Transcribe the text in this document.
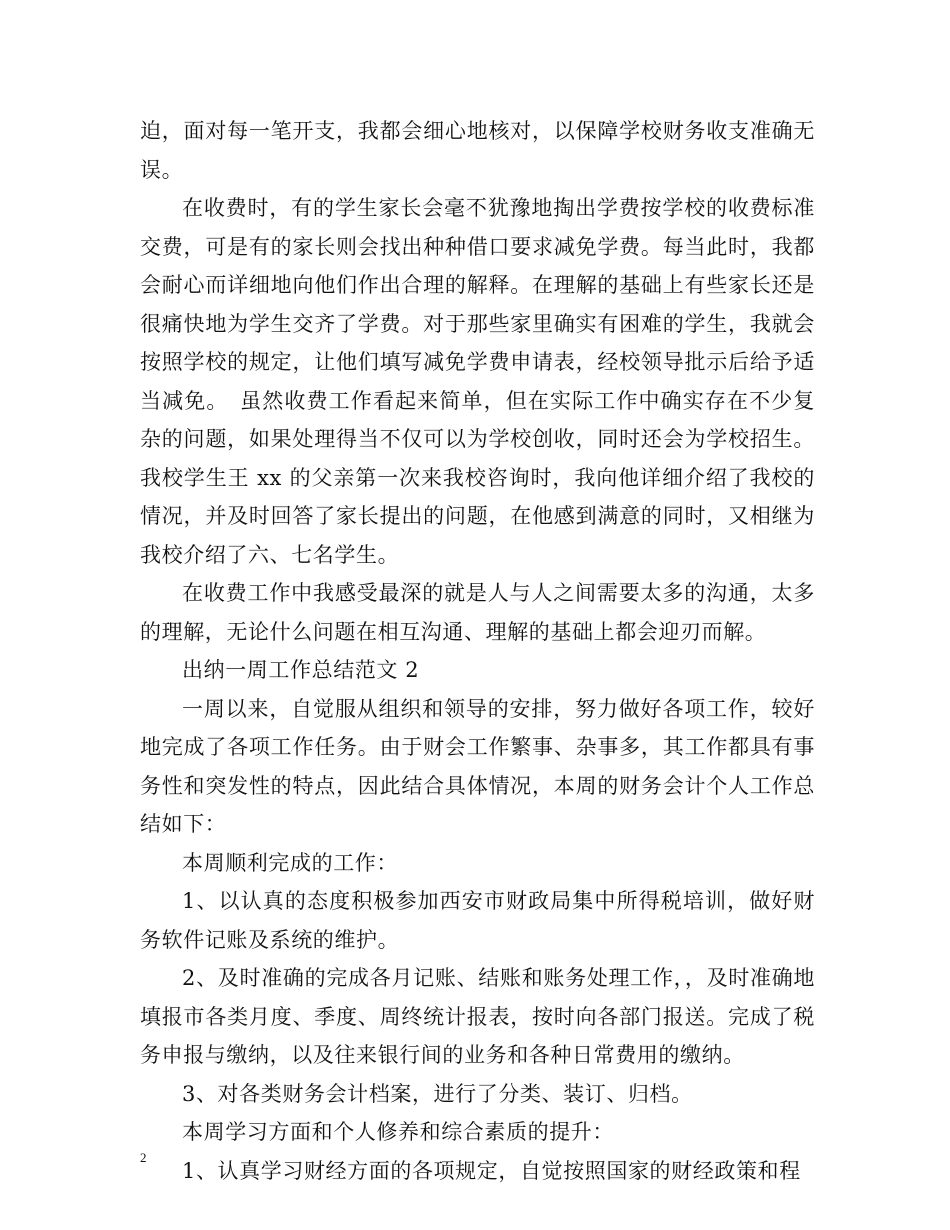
迫，面对每一笔开支，我都会细心地核对，以保障学校财务收支准确无误。

在收费时，有的学生家长会毫不犹豫地掏出学费按学校的收费标准交费，可是有的家长则会找出种种借口要求减免学费。每当此时，我都会耐心而详细地向他们作出合理的解释。在理解的基础上有些家长还是很痛快地为学生交齐了学费。对于那些家里确实有困难的学生，我就会按照学校的规定，让他们填写减免学费申请表，经校领导批示后给予适当减免。　虽然收费工作看起来简单，但在实际工作中确实存在不少复杂的问题，如果处理得当不仅可以为学校创收，同时还会为学校招生。我校学生王 xx 的父亲第一次来我校咨询时，我向他详细介绍了我校的情况，并及时回答了家长提出的问题，在他感到满意的同时，又相继为我校介绍了六、七名学生。

在收费工作中我感受最深的就是人与人之间需要太多的沟通，太多的理解，无论什么问题在相互沟通、理解的基础上都会迎刃而解。

出纳一周工作总结范文 2

一周以来，自觉服从组织和领导的安排，努力做好各项工作，较好地完成了各项工作任务。由于财会工作繁事、杂事多，其工作都具有事务性和突发性的特点，因此结合具体情况，本周的财务会计个人工作总结如下：

本周顺利完成的工作：

1、以认真的态度积极参加西安市财政局集中所得税培训，做好财务软件记账及系统的维护。

2、及时准确的完成各月记账、结账和账务处理工作，，及时准确地填报市各类月度、季度、周终统计报表，按时向各部门报送。完成了税务申报与缴纳，以及往来银行间的业务和各种日常费用的缴纳。

3、对各类财务会计档案，进行了分类、装订、归档。

本周学习方面和个人修养和综合素质的提升：

1、认真学习财经方面的各项规定，自觉按照国家的财经政策和程

2
